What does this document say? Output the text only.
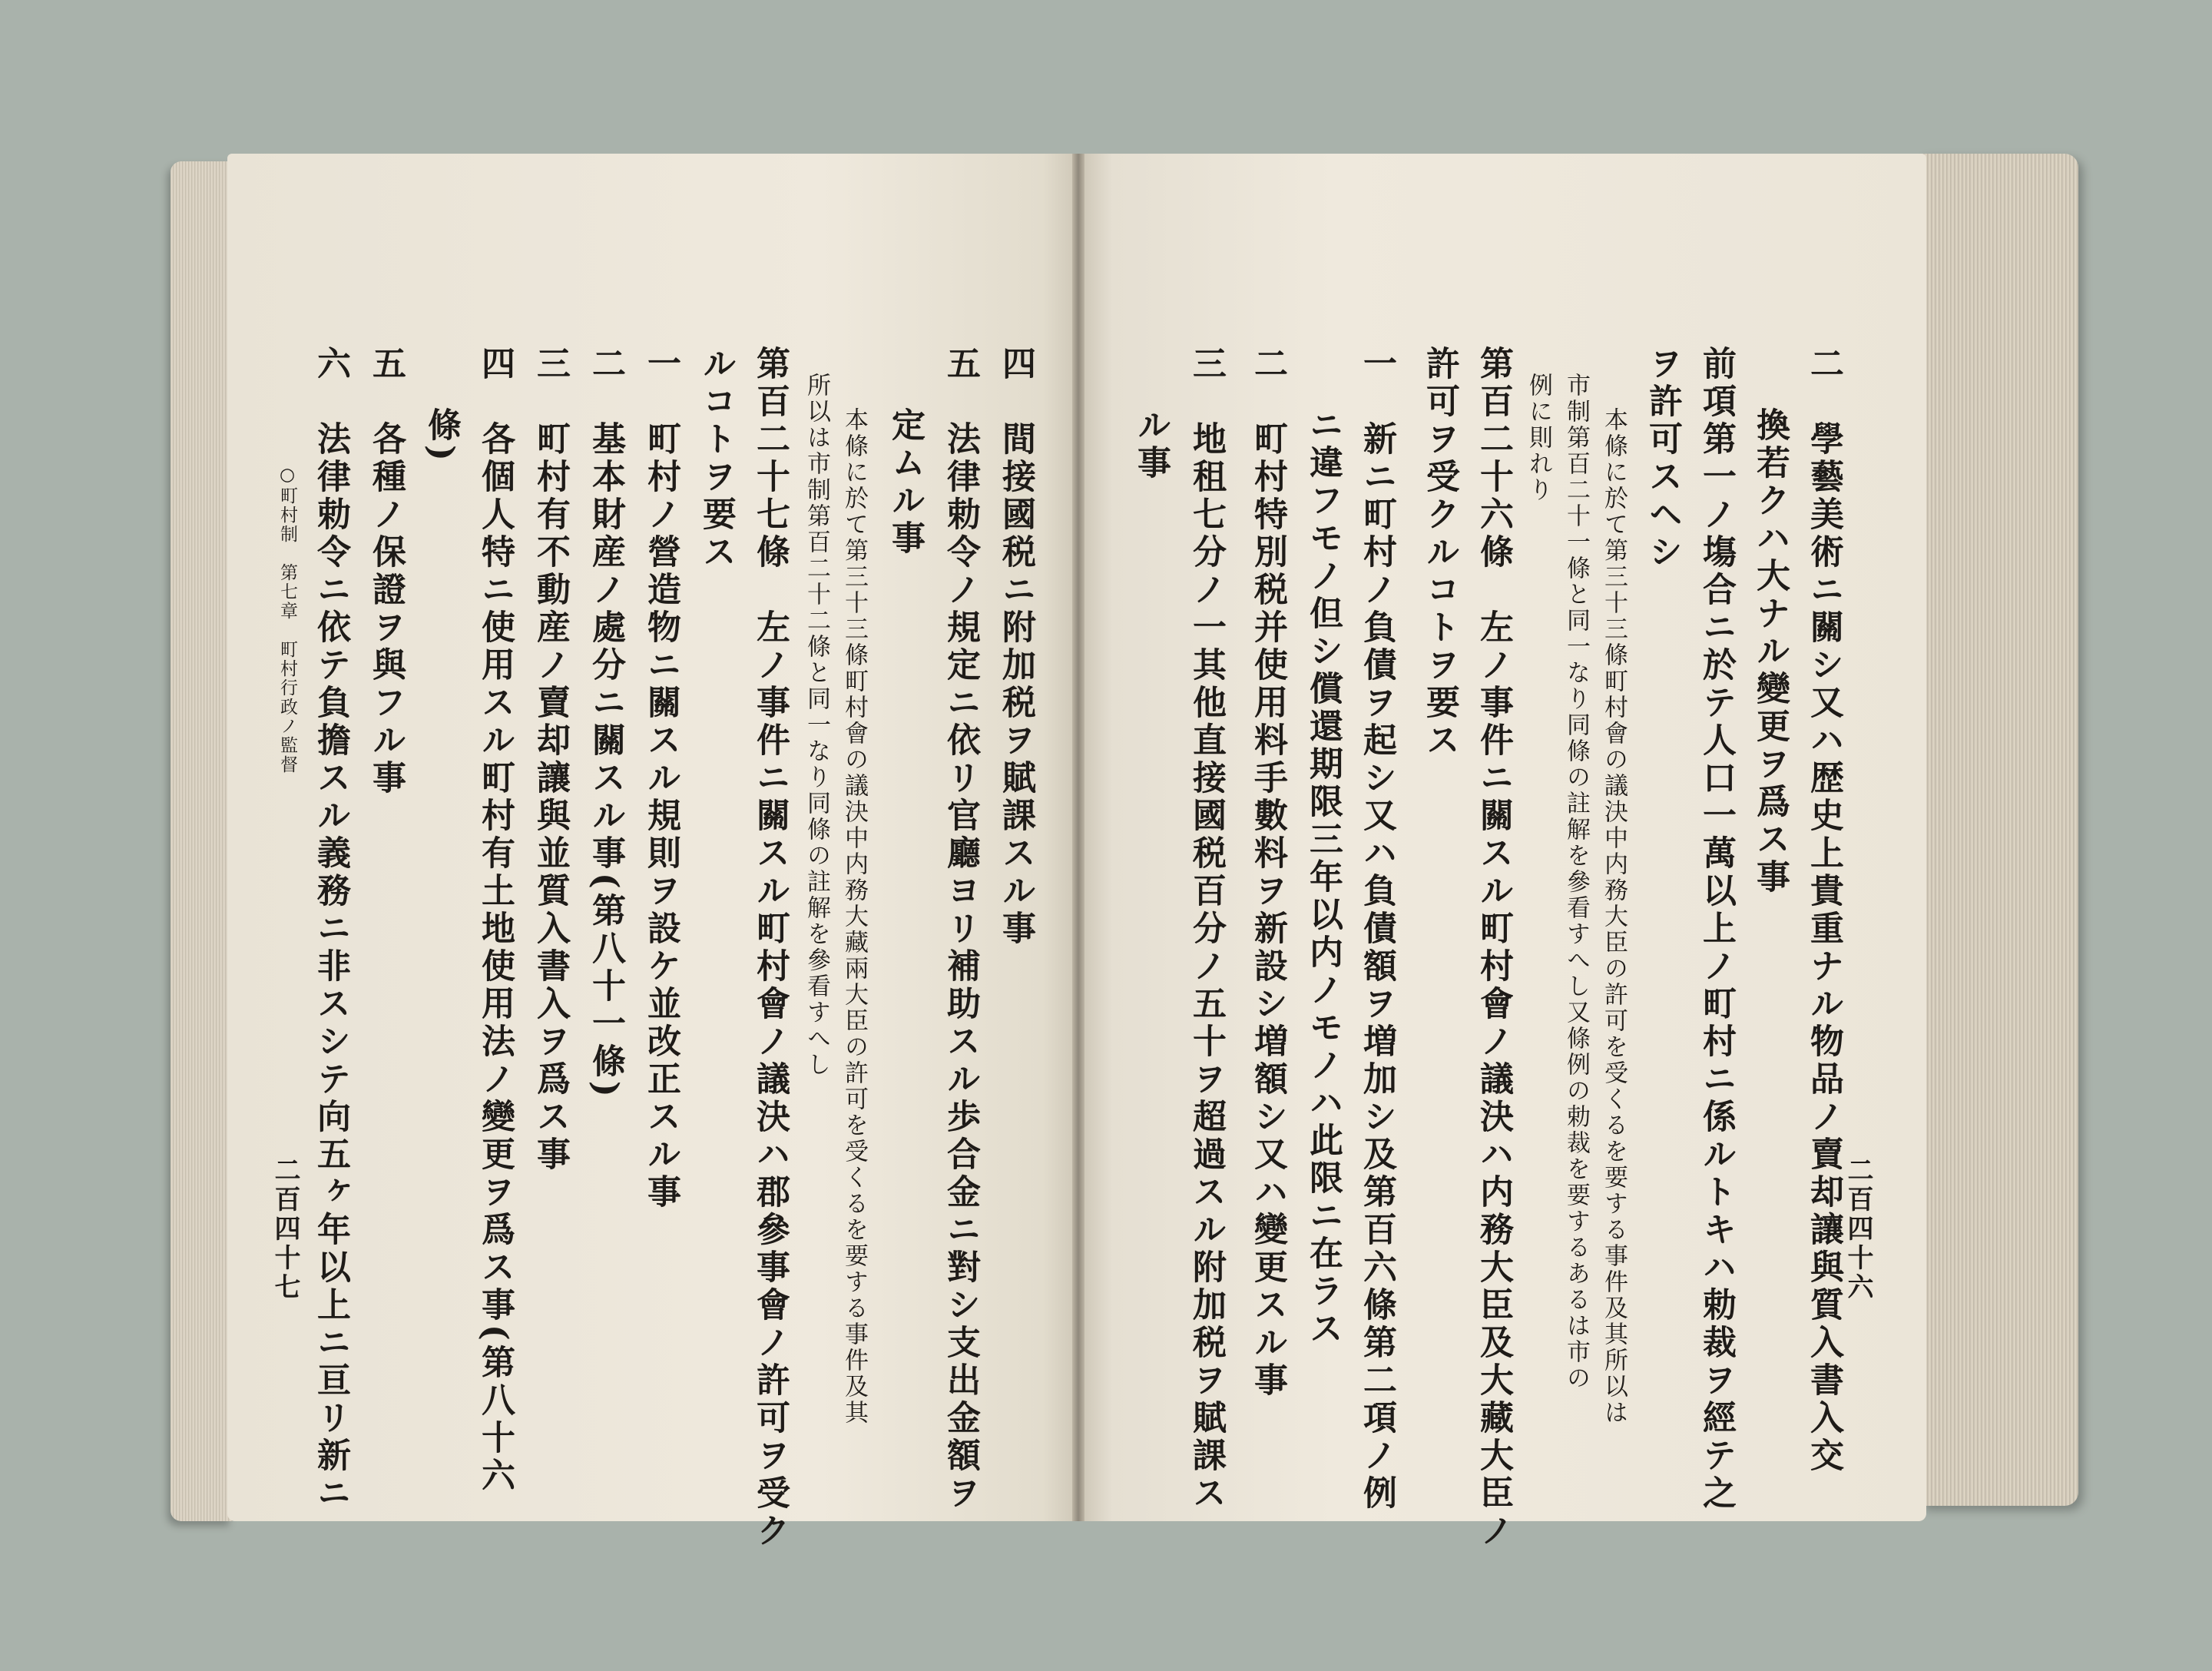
二百四十六
二　學藝美術ニ關シ又ハ歴史上貴重ナル物品ノ賣却讓與質入書入交
換若クハ大ナル變更ヲ爲ス事
前項第一ノ塲合ニ於テ人口一萬以上ノ町村ニ係ルトキハ勅裁ヲ經テ之
ヲ許可スヘシ
本條に於て第三十三條町村會の議決中内務大臣の許可を受くるを要する事件及其所以は
市制第百二十一條と同一なり同條の註解を參看すへし又條例の勅裁を要するあるは市の
例に則れり
第百二十六條　左ノ事件ニ關スル町村會ノ議決ハ内務大臣及大藏大臣ノ
許可ヲ受クルコトヲ要ス
一　新ニ町村ノ負債ヲ起シ又ハ負債額ヲ増加シ及第百六條第二項ノ例
ニ違フモノ但シ償還期限三年以内ノモノハ此限ニ在ラス
二　町村特別税并使用料手數料ヲ新設シ増額シ又ハ變更スル事
三　地租七分ノ一其他直接國税百分ノ五十ヲ超過スル附加税ヲ賦課ス
ル事
四　間接國税ニ附加税ヲ賦課スル事
五　法律勅令ノ規定ニ依リ官廳ヨリ補助スル歩合金ニ對シ支出金額ヲ
定ムル事
本條に於て第三十三條町村會の議決中内務大藏兩大臣の許可を受くるを要する事件及其
所以は市制第百二十二條と同一なり同條の註解を參看すへし
第百二十七條　左ノ事件ニ關スル町村會ノ議決ハ郡參事會ノ許可ヲ受ク
ルコトヲ要ス
一　町村ノ營造物ニ關スル規則ヲ設ケ並改正スル事
二　基本財産ノ處分ニ關スル事(第八十一條)
三　町村有不動産ノ賣却讓與並質入書入ヲ爲ス事
四　各個人特ニ使用スル町村有土地使用法ノ變更ヲ爲ス事(第八十六
條)
五　各種ノ保證ヲ與フル事
六　法律勅令ニ依テ負擔スル義務ニ非スシテ向五ヶ年以上ニ亘リ新ニ
○町村制　第七章　町村行政ノ監督
二百四十七
